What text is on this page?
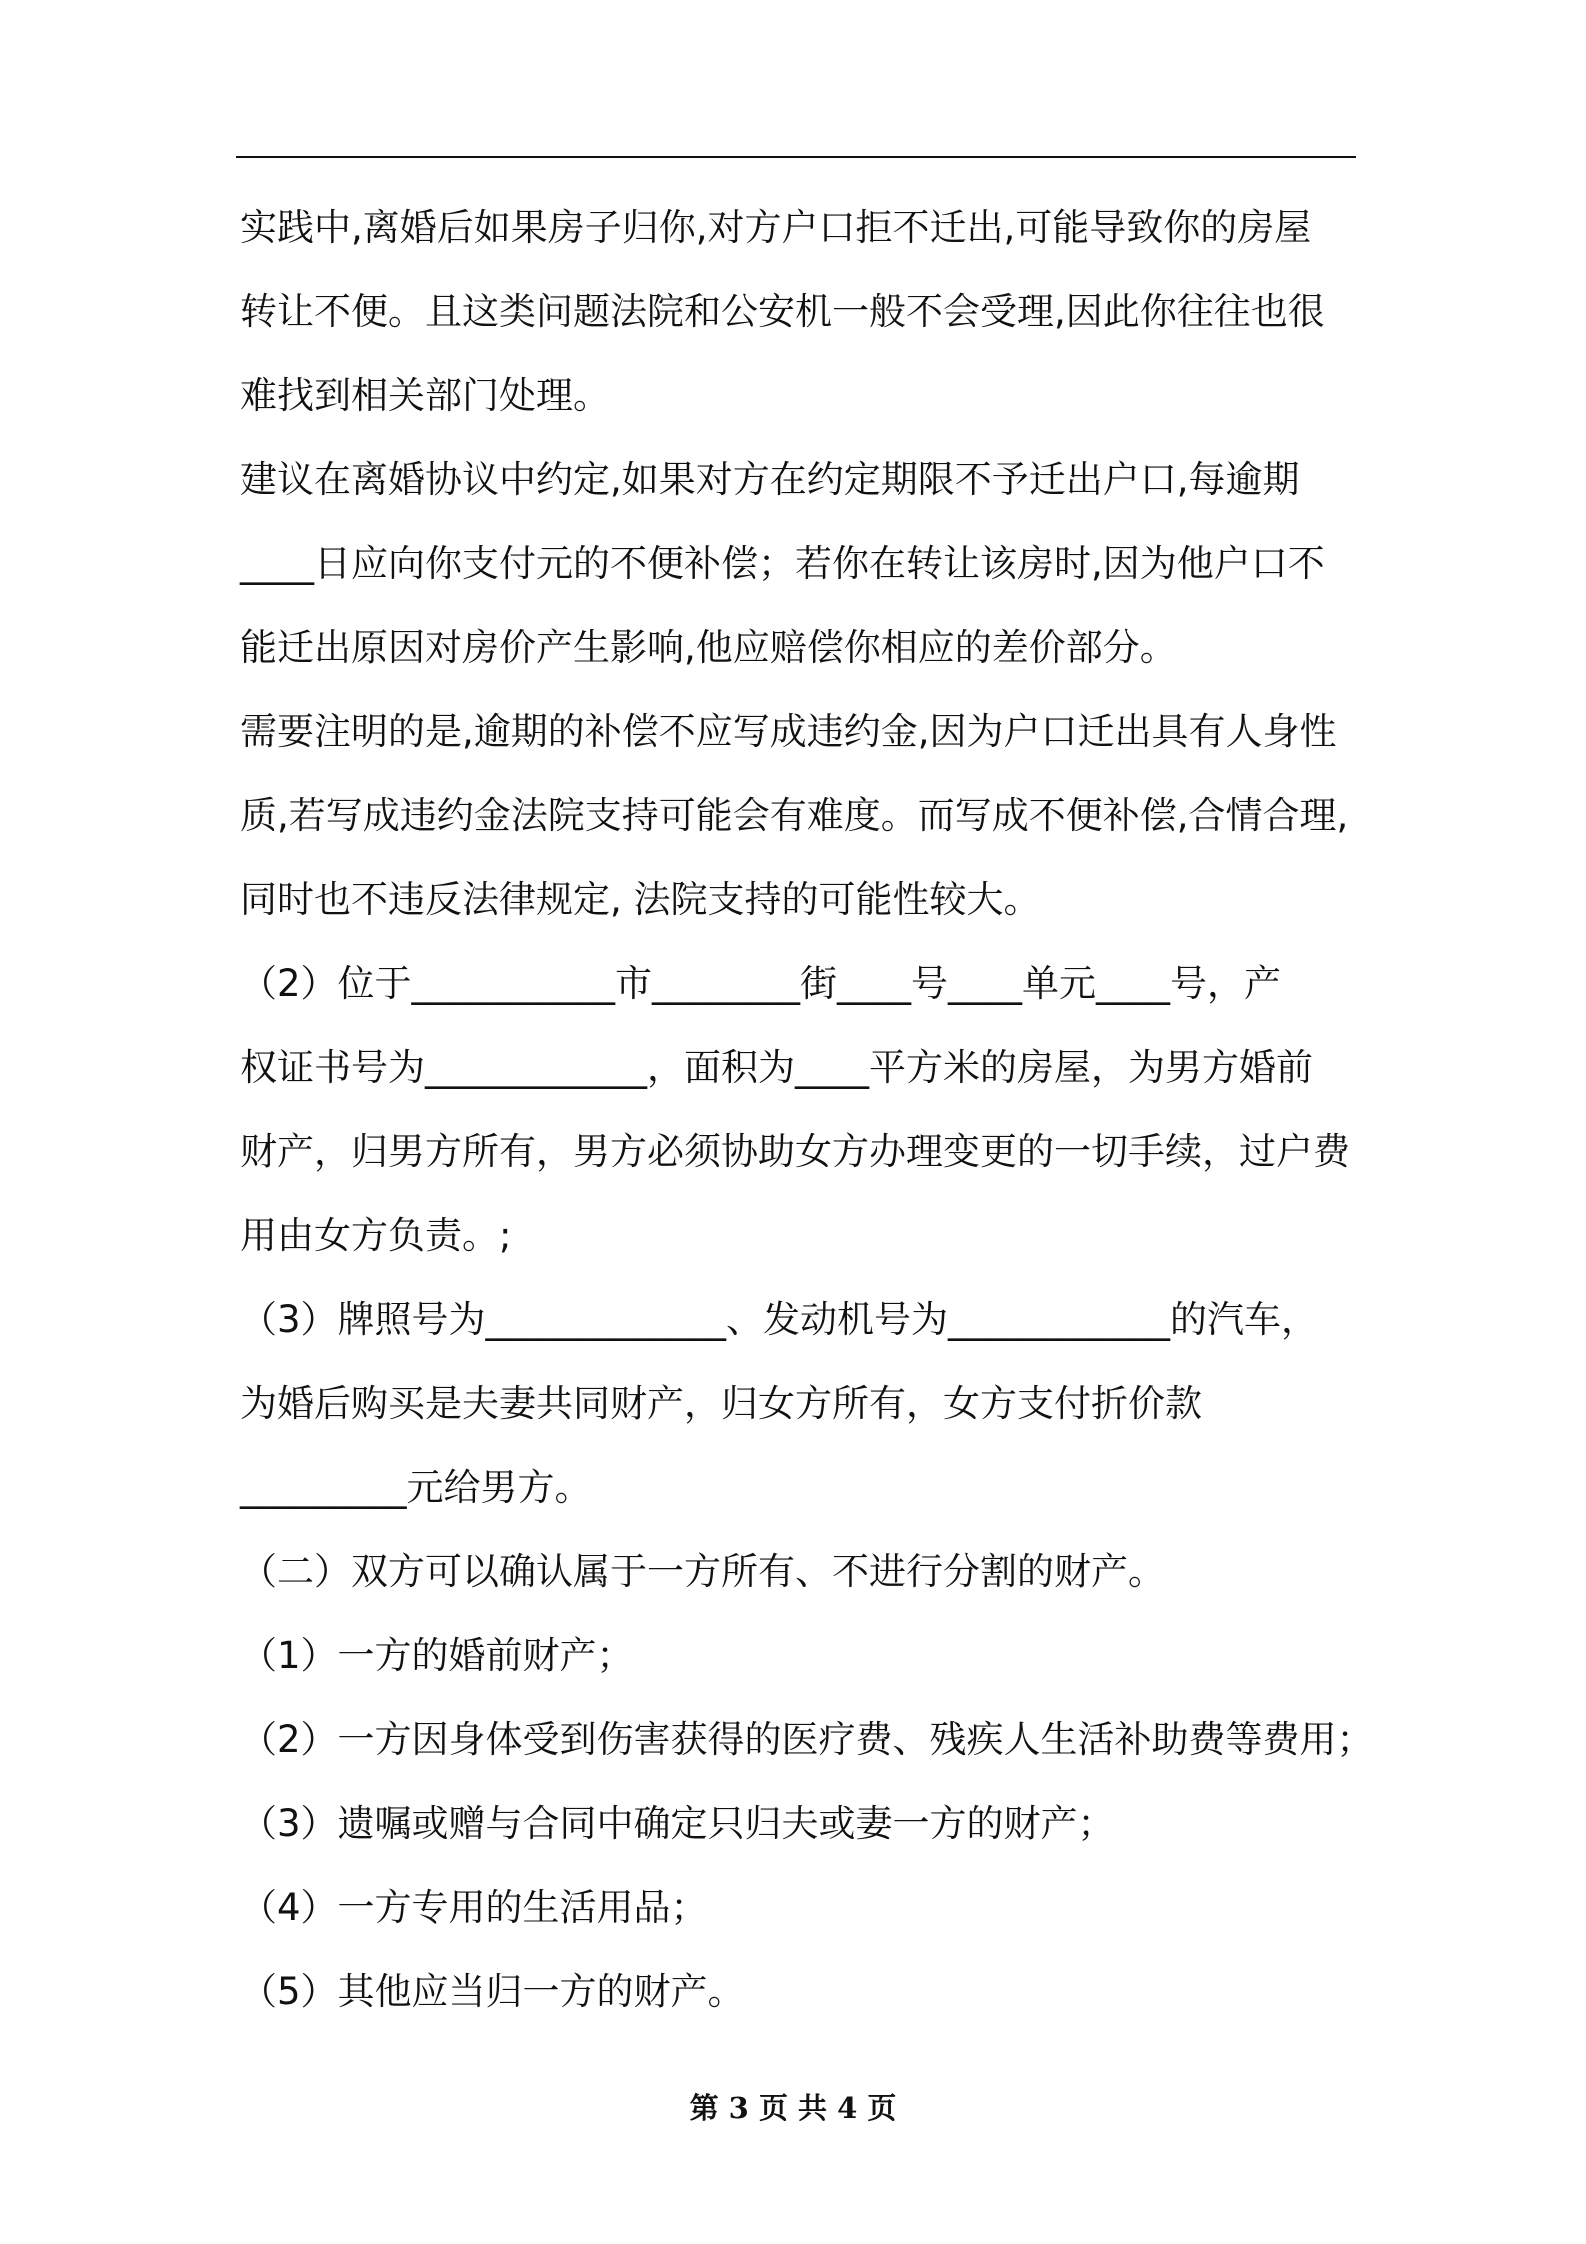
实践中,离婚后如果房子归你,对方户口拒不迁出,可能导致你的房屋
转让不便。且这类问题法院和公安机一般不会受理,因此你往往也很
难找到相关部门处理。
建议在离婚协议中约定,如果对方在约定期限不予迁出户口,每逾期
____日应向你支付元的不便补偿；若你在转让该房时,因为他户口不
能迁出原因对房价产生影响,他应赔偿你相应的差价部分。
需要注明的是,逾期的补偿不应写成违约金,因为户口迁出具有人身性
质,若写成违约金法院支持可能会有难度。而写成不便补偿,合情合理,
同时也不违反法律规定, 法院支持的可能性较大。
（2）位于___________市________街____号____单元____号，产
权证书号为____________，面积为____平方米的房屋，为男方婚前
财产，归男方所有，男方必须协助女方办理变更的一切手续，过户费
用由女方负责。;
（3）牌照号为_____________、发动机号为____________的汽车，
为婚后购买是夫妻共同财产，归女方所有，女方支付折价款
_________元给男方。
（二）双方可以确认属于一方所有、不进行分割的财产。
（1）一方的婚前财产；
（2）一方因身体受到伤害获得的医疗费、残疾人生活补助费等费用；
（3）遗嘱或赠与合同中确定只归夫或妻一方的财产；
（4）一方专用的生活用品；
（5）其他应当归一方的财产。
第 3 页 共 4 页
